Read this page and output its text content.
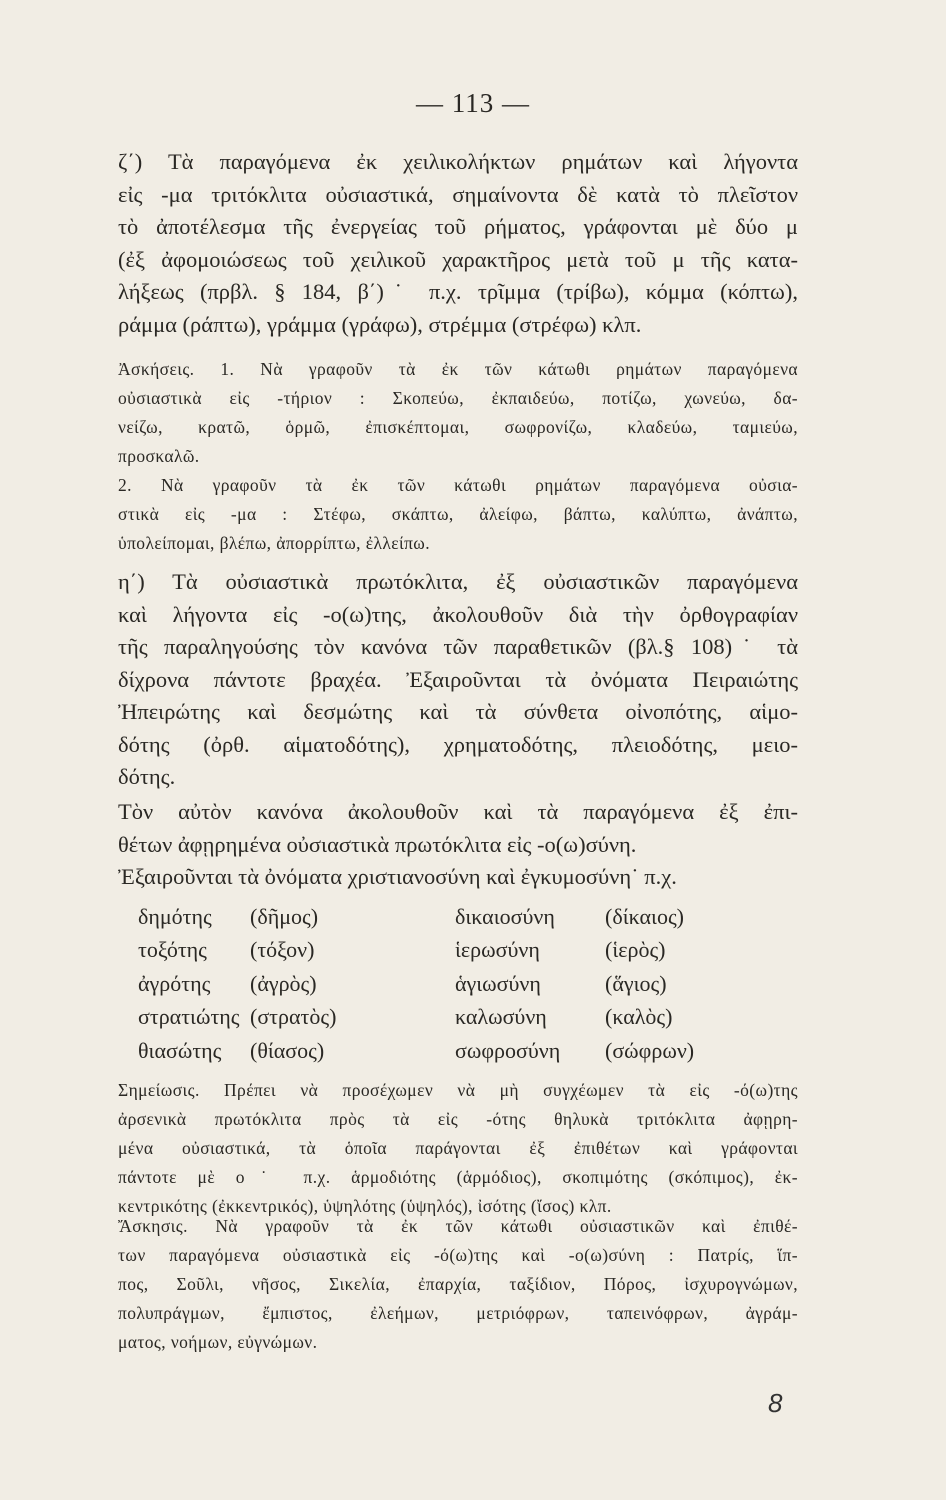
— 113 —
ζ΄) Τὰ παραγόμενα ἐκ χειλικολήκτων ρημάτων καὶ λήγοντα
εἰς -μα τριτόκλιτα οὐσιαστικά, σημαίνοντα δὲ κατὰ τὸ πλεῖστον
τὸ ἀποτέλεσμα τῆς ἐνεργείας τοῦ ρήματος, γράφονται μὲ δύο μ
(ἐξ ἀφομοιώσεως τοῦ χειλικοῦ χαρακτῆρος μετὰ τοῦ μ τῆς κατα-
λήξεως (πρβλ. § 184, β΄)˙ π.χ. τρῖμμα (τρίβω), κόμμα (κόπτω),
ράμμα (ράπτω), γράμμα (γράφω), στρέμμα (στρέφω) κλπ.
Ἀσκήσεις. 1. Νὰ γραφοῦν τὰ ἐκ τῶν κάτωθι ρημάτων παραγόμενα
οὐσιαστικὰ εἰς -τήριον : Σκοπεύω, ἐκπαιδεύω, ποτίζω, χωνεύω, δα-
νείζω, κρατῶ, ὁρμῶ, ἐπισκέπτομαι, σωφρονίζω, κλαδεύω, ταμιεύω,
προσκαλῶ.
2. Νὰ γραφοῦν τὰ ἐκ τῶν κάτωθι ρημάτων παραγόμενα οὐσια-
στικὰ εἰς -μα : Στέφω, σκάπτω, ἀλείφω, βάπτω, καλύπτω, ἀνάπτω,
ὑπολείπομαι, βλέπω, ἀπορρίπτω, ἐλλείπω.
η΄) Τὰ οὐσιαστικὰ πρωτόκλιτα, ἐξ οὐσιαστικῶν παραγόμενα
καὶ λήγοντα εἰς -ο(ω)της, ἀκολουθοῦν διὰ τὴν ὀρθογραφίαν
τῆς παραληγούσης τὸν κανόνα τῶν παραθετικῶν (βλ.§ 108)˙ τὰ
δίχρονα πάντοτε βραχέα. Ἐξαιροῦνται τὰ ὀνόματα Πειραιώτης
Ἠπειρώτης καὶ δεσμώτης καὶ τὰ σύνθετα οἰνοπότης, αἱμο-
δότης (ὀρθ. αἱματοδότης), χρηματοδότης, πλειοδότης, μειο-
δότης.
Τὸν αὐτὸν κανόνα ἀκολουθοῦν καὶ τὰ παραγόμενα ἐξ ἐπι-
θέτων ἀφῃρημένα οὐσιαστικὰ πρωτόκλιτα εἰς -ο(ω)σύνη.
Ἐξαιροῦνται τὰ ὀνόματα χριστιανοσύνη καὶ ἐγκυμοσύνη˙ π.χ.
δημότης	(δῆμος)	δικαιοσύνη	(δίκαιος)
τοξότης	(τόξον)	ἱερωσύνη	(ἱερὸς)
ἀγρότης	(ἀγρὸς)	ἁγιωσύνη	(ἅγιος)
στρατιώτης	(στρατὸς)	καλωσύνη	(καλὸς)
θιασώτης	(θίασος)	σωφροσύνη	(σώφρων)
Σημείωσις. Πρέπει νὰ προσέχωμεν νὰ μὴ συγχέωμεν τὰ εἰς -ό(ω)της
ἀρσενικὰ πρωτόκλιτα πρὸς τὰ εἰς -ότης θηλυκὰ τριτόκλιτα ἀφῃρη-
μένα οὐσιαστικά, τὰ ὁποῖα παράγονται ἐξ ἐπιθέτων καὶ γράφονται
πάντοτε μὲ ο˙ π.χ. ἁρμοδιότης (ἁρμόδιος), σκοπιμότης (σκόπιμος), ἐκ-
κεντρικότης (ἐκκεντρικός), ὑψηλότης (ὑψηλός), ἰσότης (ἴσος) κλπ.
Ἄσκησις. Νὰ γραφοῦν τὰ ἐκ τῶν κάτωθι οὐσιαστικῶν καὶ ἐπιθέ-
των παραγόμενα οὐσιαστικὰ εἰς -ό(ω)της καὶ -ο(ω)σύνη : Πατρίς, ἵπ-
πος, Σοῦλι, νῆσος, Σικελία, ἐπαρχία, ταξίδιον, Πόρος, ἰσχυρογνώμων,
πολυπράγμων, ἔμπιστος, ἐλεήμων, μετριόφρων, ταπεινόφρων, ἀγράμ-
ματος, νοήμων, εὐγνώμων.
8
